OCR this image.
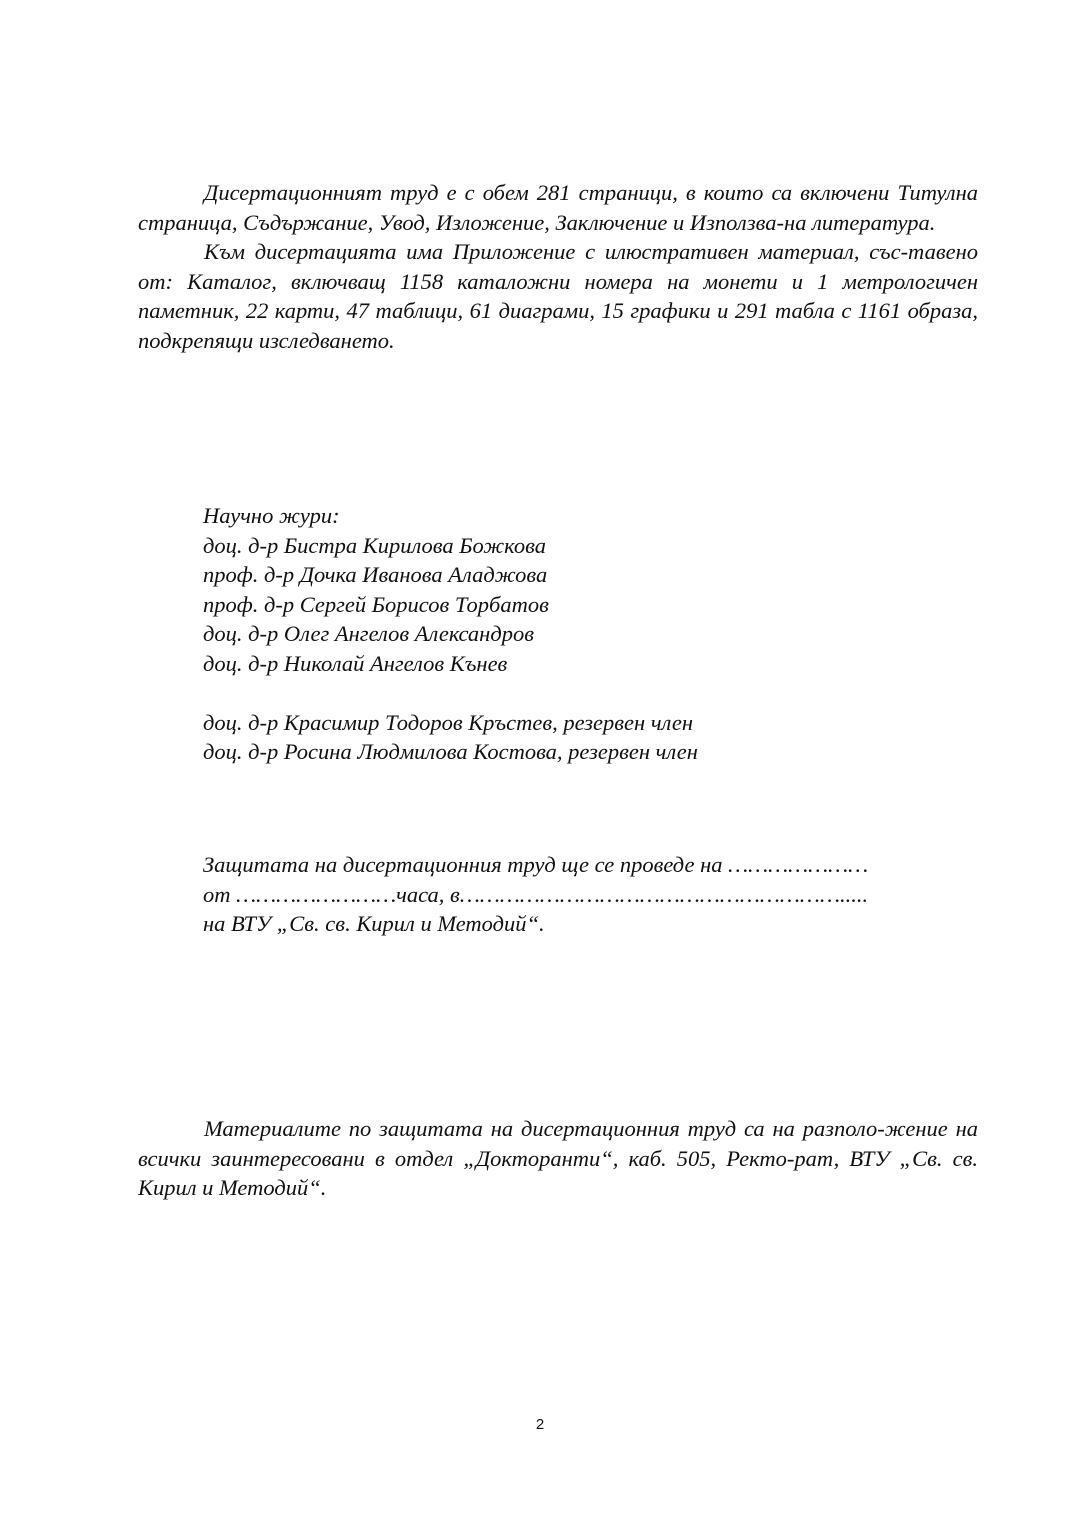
Дисертационният труд е с обем 281 страници, в които са включени Титулна страница, Съдържание, Увод, Изложение, Заключение и Използва-на литература.

Към дисертацията има Приложение с илюстративен материал, със-тавено от: Каталог, включващ 1158 каталожни номера на монети и 1 метрологичен паметник, 22 карти, 47 таблици, 61 диаграми, 15 графики и 291 табла с 1161 образа, подкрепящи изследването.

Научно жури:
доц. д-р Бистра Кирилова Божкова
проф. д-р Дочка Иванова Аладжова
проф. д-р Сергей Борисов Торбатов
доц. д-р Олег Ангелов Александров
доц. д-р Николай Ангелов Кънев
доц. д-р Красимир Тодоров Кръстев, резервен член
доц. д-р Росина Людмилова Костова, резервен член
Защитата на дисертационния труд ще се проведе на …………………
от ……………………часа, в ………………………………………………….....
на ВТУ „Св. св. Кирил и Методий“.

Материалите по защитата на дисертационния труд са на разполо-жение на всички заинтересовани в отдел „Докторанти“, каб. 505, Ректо-рат, ВТУ „Св. св. Кирил и Методий“.

2
